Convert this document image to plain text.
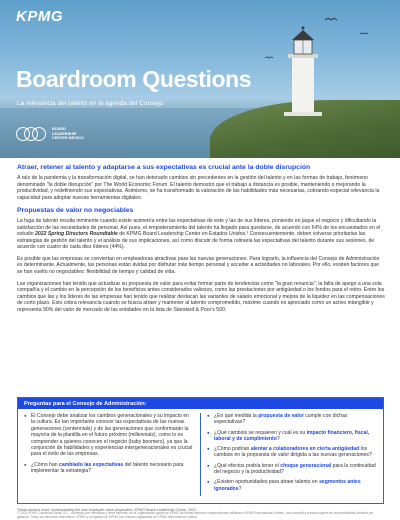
KPMG
Boardroom Questions
La relevancia del talento en la agenda del Consejo
BOARD LEADERSHIP CENTER MEXICO
Atraer, retener al talento y adaptarse a sus expectativas es crucial ante la doble disrupción

A raíz de la pandemia y la transformación digital, se han detonado cambios sin precedentes en la gestión del talento y en las formas de trabajo, fenómeno denominado "la doble disrupción" por The World Economic Forum. El talento demostró que el trabajo a distancia es posible, manteniendo o mejorando la productividad, y redefiniendo sus expectativas. Asimismo, se ha transformado la valoración de las habilidades más necesarias, cobrando especial relevancia la capacidad para adoptar nuevas herramientas digitales.

Propuestas de valor no negociables

La fuga de talento resulta inminente cuando existe asimetría entre las expectativas de este y las de sus líderes, poniendo en jaque el negocio y dificultando la satisfacción de las necesidades de personal. Así pues, el empoderamiento del talento ha llegado para quedarse, de acuerdo con 64% de los encuestados en el estudio 2022 Spring Directors Roundtable de KPMG Board Leadership Center en Estados Unidos.¹ Consecuentemente, deben volverse prioritarias las estrategias de gestión del talento y el análisis de sus implicaciones, así como discutir de forma rutinaria las expectativas del talento durante sus sesiones, de acuerdo con cuatro de cada diez líderes (44%).

Es posible que las empresas se conviertan en empleadoras atractivas para las nuevas generaciones. Para lograrlo, la influencia del Consejo de Administración es determinante. Actualmente, las personas están ávidas por disfrutar más tiempo personal y acceder a actividades no laborales. Por ello, existen factores que se han vuelto no negociables: flexibilidad de tiempo y calidad de vida.

Las organizaciones han tenido que actualizar su propuesta de valor para evitar formar parte de tendencias como "la gran renuncia"; la falta de apego a una sola compañía y el cambio en la percepción de los beneficios antes considerados valiosos, como las prestaciones por antigüedad o los fondos para el retiro. Entre los cambios que las y los líderes de las empresas han tenido que realizar destacan las variantes de salario emocional y mejora de la liquidez en las compensaciones de corto plazo. Esto cobra relevancia cuando se busca atraer y mantener al talento comprometido, máxime cuando es apreciado como un activo intangible y representa 90% del valor de mercado de las entidades en la lista de Standard & Poor's 500.

Preguntas para el Consejo de Administración:
● El Consejo debe analizar los cambios generacionales y su impacto en la cultura. Es tan importante conocer las expectativas de las nuevas generaciones (centennials) y de las generaciones que conformarán la mayoría de la plantilla en el futuro próximo (millennials), como lo es comprender a quienes conocen el negocio (baby boomers), ya que la conjunción de habilidades y experiencias intergeneracionales es crucial para el éxito de las empresas.
● ¿Cómo han cambiado las expectativas del talento necesario para implementar la estrategia?
● ¿En qué medida la propuesta de valor cumple con dichas expectativas?
● ¿Qué cambios se requieren y cuál es su impacto financiero, fiscal, laboral y de cumplimiento?
● ¿Cómo podrían alentar a colaboradores en cierta antigüedad los cambios en la propuesta de valor dirigida a las nuevas generaciones?
● ¿Qué efectos podría tener el choque generacional para la continuidad del negocio y la productividad?
● ¿Existen oportunidades para atraer talento en segmentos antes ignorados?
¹What workers want: Understanding the new employee value proposition, KPMG Board Leadership Center, 2022.
© 2023 KPMG Cárdenas Dosal, S.C., sociedad civil mexicana y firma miembro de la organización global de KPMG de firmas miembro independientes afiliadas a KPMG International Limited, una compañía privada inglesa de responsabilidad limitada por garantía. Todos los derechos reservados. KPMG y el logotipo de KPMG son marcas registradas de KPMG International Limited.
